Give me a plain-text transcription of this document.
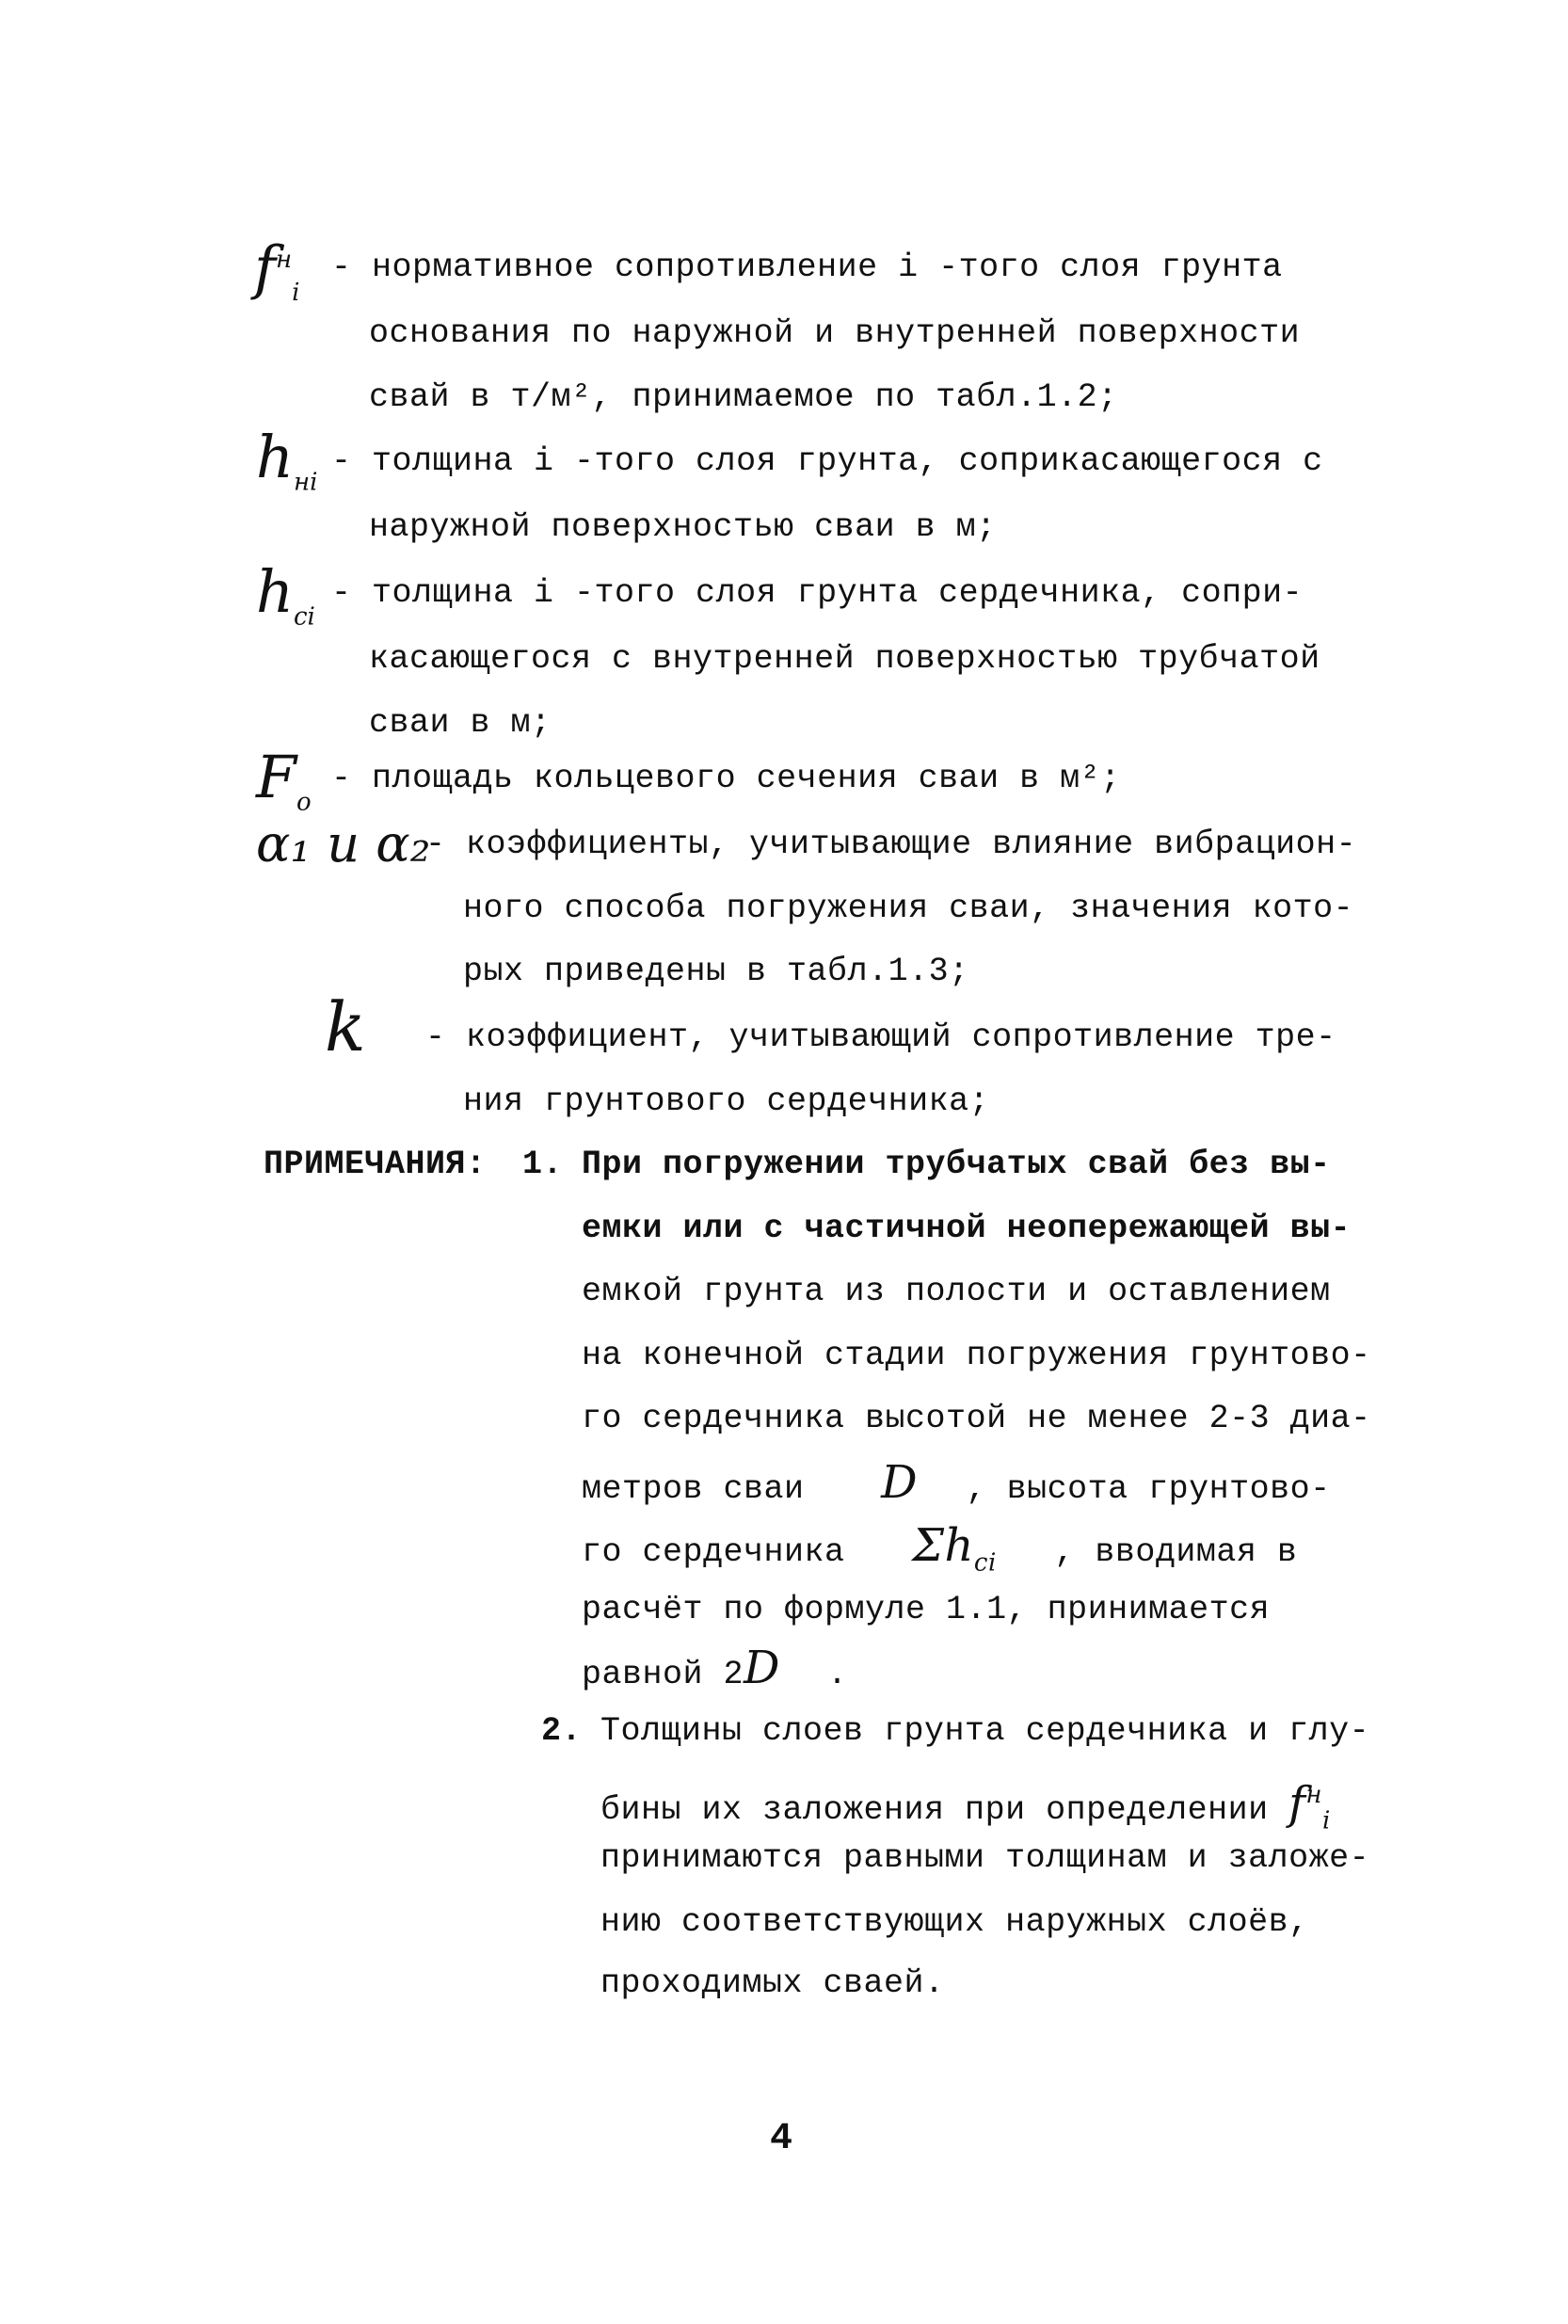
$f^н_i$
- нормативное сопротивление i -того слоя грунта
основания по наружной и внутренней поверхности
свай в т/м², принимаемое по табл.1.2;
$h_{нi}$
- толщина i -того слоя грунта, соприкасающегося с
наружной поверхностью сваи в м;
$h_{ci}$
- толщина i -того слоя грунта сердечника, сопри-
касающегося с внутренней поверхностью трубчатой
сваи в м;
$F_o$
- площадь кольцевого сечения сваи в м²;
α₁ и α₂
- коэффициенты, учитывающие влияние вибрацион-
ного способа погружения сваи, значения кото-
рых приведены в табл.1.3;
k - коэффициент, учитывающий сопротивление тре-
ния грунтового сердечника;
ПРИМЕЧАНИЯ: 1. При погружении трубчатых свай без вы-
емки или с частичной неопережающей вы-
емкой грунта из полости и оставлением
на конечной стадии погружения грунтово-
го сердечника высотой не менее 2-3 диа-
метров сваи D , высота грунтово-
го сердечника $\Sigma h_{ci}$ , вводимая в
расчёт по формуле 1.1, принимается
равной 2D .
2. Толщины слоев грунта сердечника и глу-
бины их заложения при определении $f^н_i$
принимаются равными толщинам и заложе-
нию соответствующих наружных слоёв,
проходимых сваей.
4
